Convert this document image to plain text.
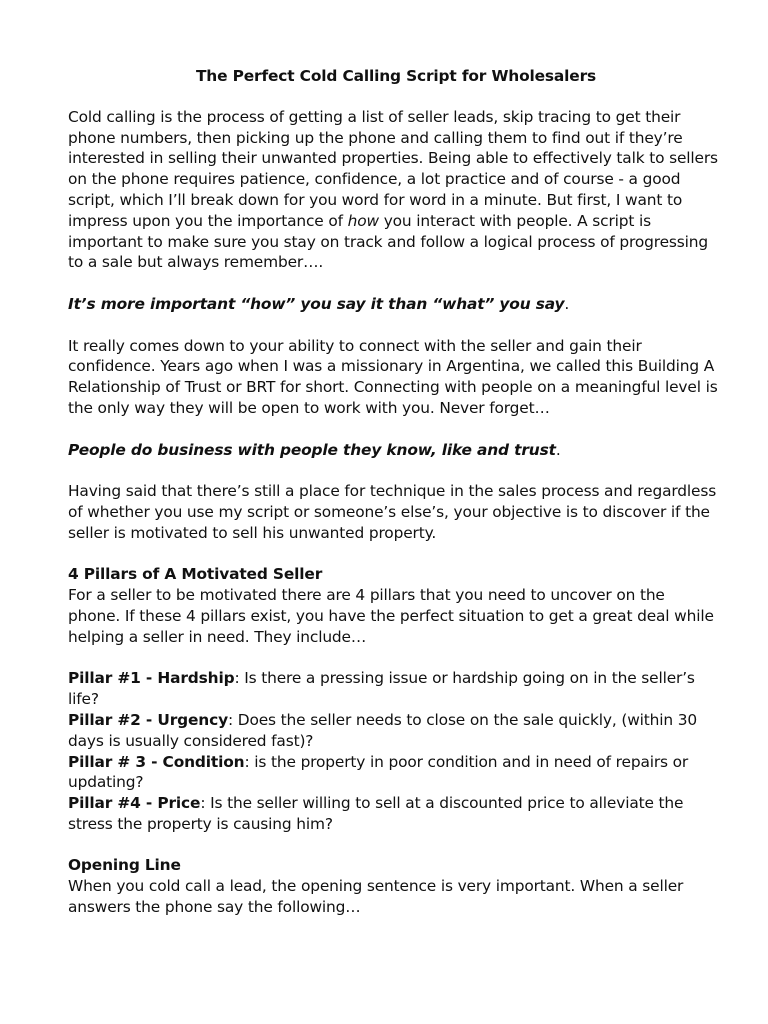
The Perfect Cold Calling Script for Wholesalers

Cold calling is the process of getting a list of seller leads, skip tracing to get their phone numbers, then picking up the phone and calling them to find out if they’re interested in selling their unwanted properties. Being able to effectively talk to sellers on the phone requires patience, confidence, a lot practice and of course - a good script, which I’ll break down for you word for word in a minute. But first, I want to impress upon you the importance of how you interact with people. A script is important to make sure you stay on track and follow a logical process of progressing to a sale but always remember….

It’s more important “how” you say it than “what” you say.

It really comes down to your ability to connect with the seller and gain their confidence. Years ago when I was a missionary in Argentina, we called this Building A Relationship of Trust or BRT for short. Connecting with people on a meaningful level is the only way they will be open to work with you. Never forget…

People do business with people they know, like and trust.

Having said that there’s still a place for technique in the sales process and regardless of whether you use my script or someone’s else’s, your objective is to discover if the seller is motivated to sell his unwanted property.

4 Pillars of A Motivated Seller

For a seller to be motivated there are 4 pillars that you need to uncover on the phone. If these 4 pillars exist, you have the perfect situation to get a great deal while helping a seller in need. They include…

Pillar #1 - Hardship: Is there a pressing issue or hardship going on in the seller’s life?

Pillar #2 - Urgency: Does the seller needs to close on the sale quickly, (within 30 days is usually considered fast)?

Pillar # 3 - Condition: is the property in poor condition and in need of repairs or updating?

Pillar #4 - Price: Is the seller willing to sell at a discounted price to alleviate the stress the property is causing him?

Opening Line

When you cold call a lead, the opening sentence is very important. When a seller answers the phone say the following…
